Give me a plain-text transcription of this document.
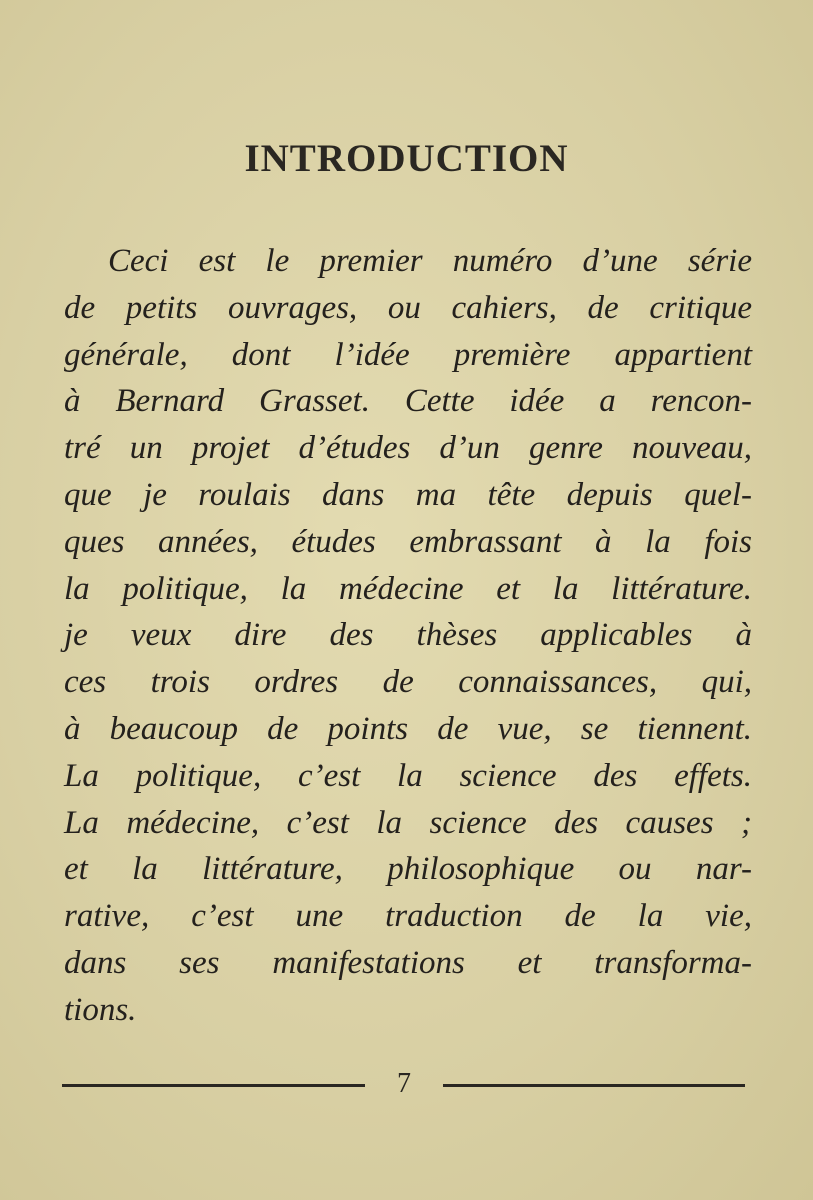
INTRODUCTION
Ceci est le premier numéro d’une série
de petits ouvrages, ou cahiers, de critique
générale, dont l’idée première appartient
à Bernard Grasset. Cette idée a rencon-
tré un projet d’études d’un genre nouveau,
que je roulais dans ma tête depuis quel-
ques années, études embrassant à la fois
la politique, la médecine et la littérature.
je veux dire des thèses applicables à
ces trois ordres de connaissances, qui,
à beaucoup de points de vue, se tiennent.
La politique, c’est la science des effets.
La médecine, c’est la science des causes ;
et la littérature, philosophique ou nar-
rative, c’est une traduction de la vie,
dans ses manifestations et transforma-
tions.
7
